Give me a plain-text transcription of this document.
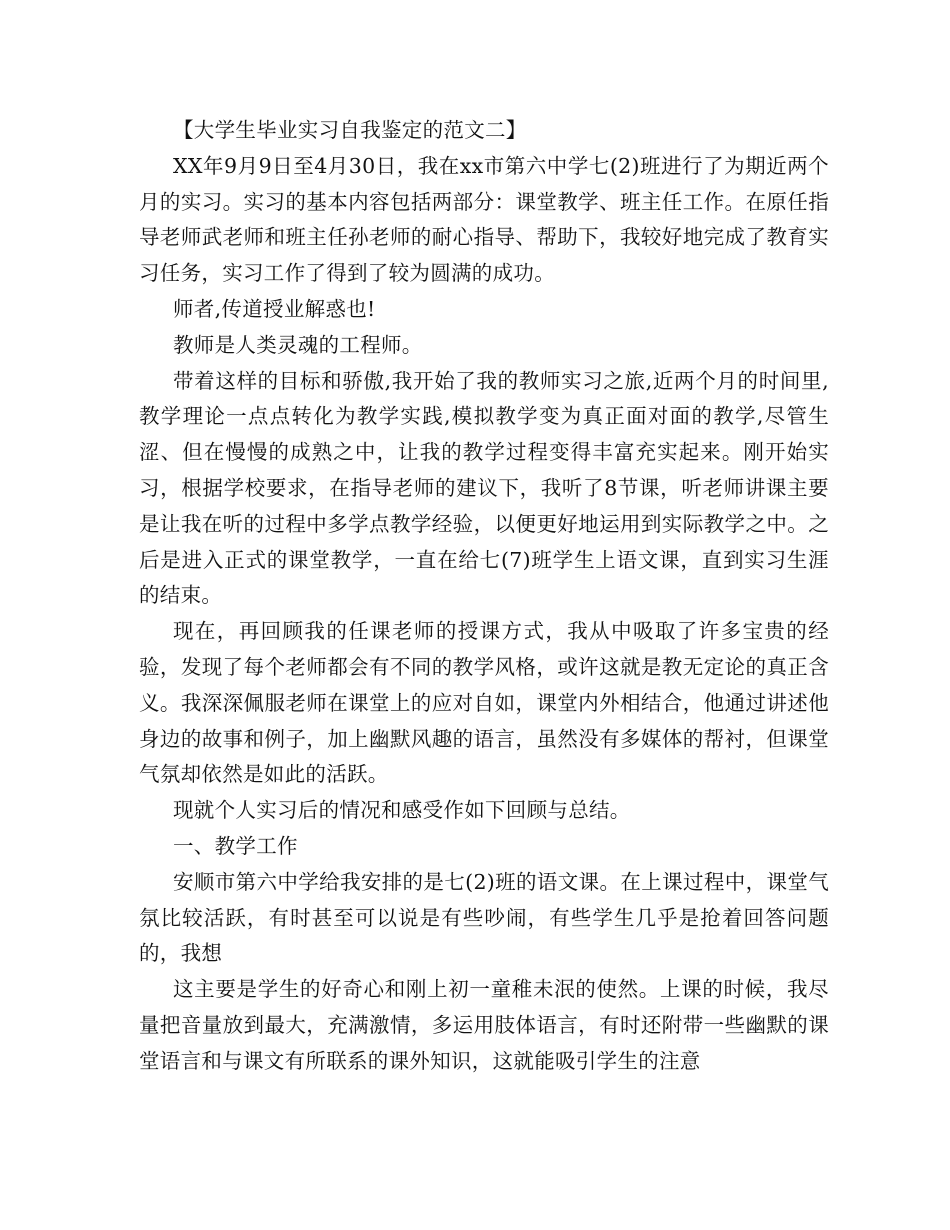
【大学生毕业实习自我鉴定的范文二】

XX年9月9日至4月30日，我在xx市第六中学七(2)班进行了为期近两个月的实习。实习的基本内容包括两部分：课堂教学、班主任工作。在原任指导老师武老师和班主任孙老师的耐心指导、帮助下，我较好地完成了教育实习任务，实习工作了得到了较为圆满的成功。

师者,传道授业解惑也!

教师是人类灵魂的工程师。

带着这样的目标和骄傲,我开始了我的教师实习之旅,近两个月的时间里,教学理论一点点转化为教学实践,模拟教学变为真正面对面的教学,尽管生涩、但在慢慢的成熟之中，让我的教学过程变得丰富充实起来。刚开始实习，根据学校要求，在指导老师的建议下，我听了8节课，听老师讲课主要是让我在听的过程中多学点教学经验，以便更好地运用到实际教学之中。之后是进入正式的课堂教学，一直在给七(7)班学生上语文课，直到实习生涯的结束。

现在，再回顾我的任课老师的授课方式，我从中吸取了许多宝贵的经验，发现了每个老师都会有不同的教学风格，或许这就是教无定论的真正含义。我深深佩服老师在课堂上的应对自如，课堂内外相结合，他通过讲述他身边的故事和例子，加上幽默风趣的语言，虽然没有多媒体的帮衬，但课堂气氛却依然是如此的活跃。

现就个人实习后的情况和感受作如下回顾与总结。

一、教学工作

安顺市第六中学给我安排的是七(2)班的语文课。在上课过程中，课堂气氛比较活跃，有时甚至可以说是有些吵闹，有些学生几乎是抢着回答问题的，我想

这主要是学生的好奇心和刚上初一童稚未泯的使然。上课的时候，我尽量把音量放到最大，充满激情，多运用肢体语言，有时还附带一些幽默的课堂语言和与课文有所联系的课外知识，这就能吸引学生的注意
